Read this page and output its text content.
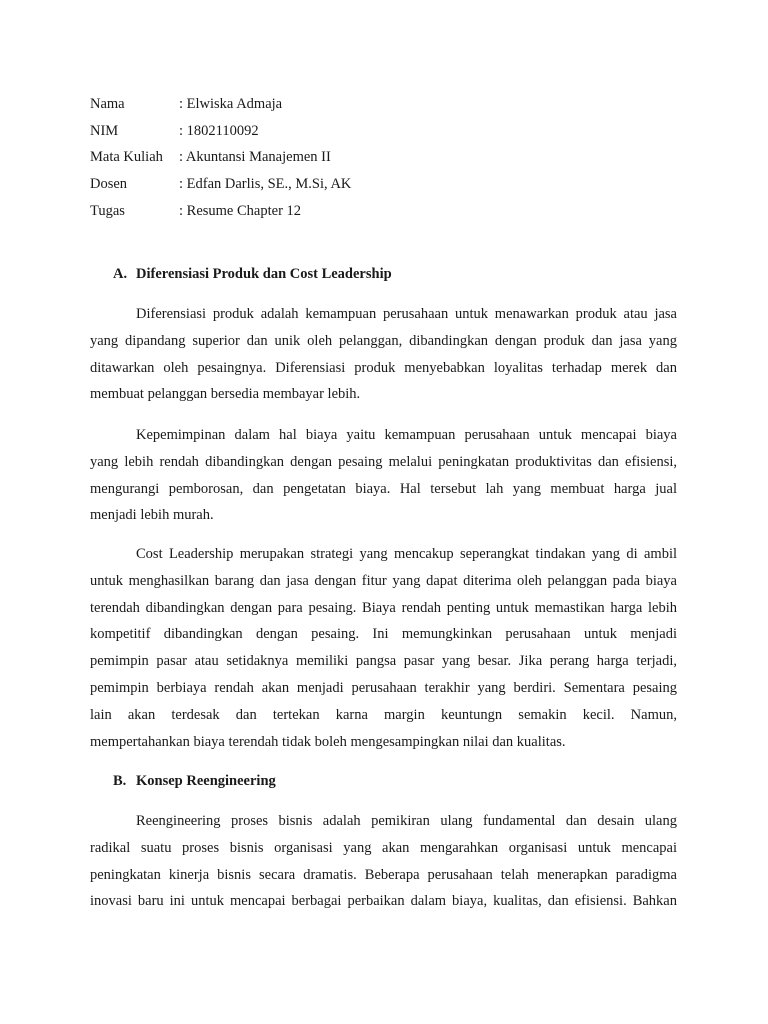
Nama	: Elwiska Admaja
NIM	: 1802110092
Mata Kuliah	: Akuntansi Manajemen II
Dosen	: Edfan Darlis, SE., M.Si, AK
Tugas	: Resume Chapter 12
A. Diferensiasi Produk dan Cost Leadership
Diferensiasi produk adalah kemampuan perusahaan untuk menawarkan produk atau jasa
yang dipandang superior dan unik oleh pelanggan, dibandingkan dengan produk dan jasa yang
ditawarkan oleh pesaingnya. Diferensiasi produk menyebabkan loyalitas terhadap merek dan
membuat pelanggan bersedia membayar lebih.
Kepemimpinan dalam hal biaya yaitu kemampuan perusahaan untuk mencapai biaya
yang lebih rendah dibandingkan dengan pesaing melalui peningkatan produktivitas dan efisiensi,
mengurangi pemborosan, dan pengetatan biaya. Hal tersebut lah yang membuat harga jual
menjadi lebih murah.
Cost Leadership merupakan strategi yang mencakup seperangkat tindakan yang di ambil
untuk menghasilkan barang dan jasa dengan fitur yang dapat diterima oleh pelanggan pada biaya
terendah dibandingkan dengan para pesaing. Biaya rendah penting untuk memastikan harga lebih
kompetitif dibandingkan dengan pesaing. Ini memungkinkan perusahaan untuk menjadi
pemimpin pasar atau setidaknya memiliki pangsa pasar yang besar. Jika perang harga terjadi,
pemimpin berbiaya rendah akan menjadi perusahaan terakhir yang berdiri. Sementara pesaing
lain akan terdesak dan tertekan karna margin keuntungn semakin kecil. Namun,
mempertahankan biaya terendah tidak boleh mengesampingkan nilai dan kualitas.
B. Konsep Reengineering
Reengineering proses bisnis adalah pemikiran ulang fundamental dan desain ulang
radikal suatu proses bisnis organisasi yang akan mengarahkan organisasi untuk mencapai
peningkatan kinerja bisnis secara dramatis. Beberapa perusahaan telah menerapkan paradigma
inovasi baru ini untuk mencapai berbagai perbaikan dalam biaya, kualitas, dan efisiensi. Bahkan
